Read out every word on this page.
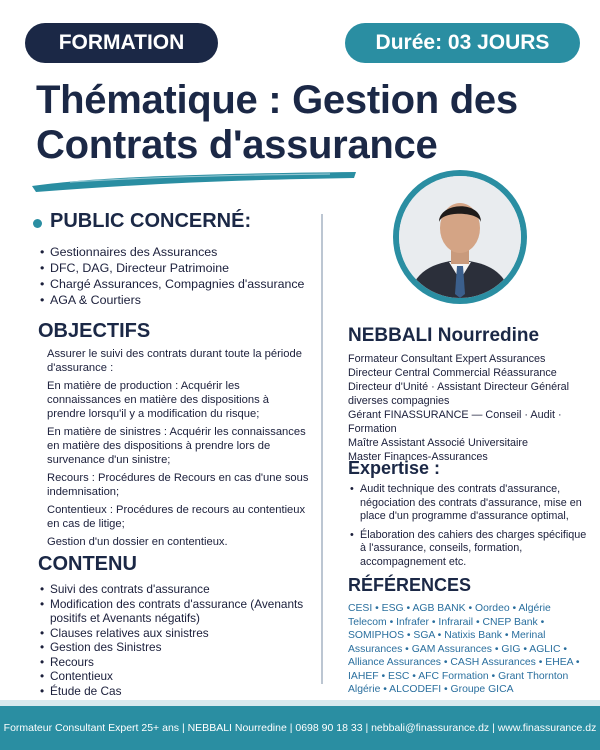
FORMATION	Durée: 03 JOURS
Thématique : Gestion des Contrats d'assurance
PUBLIC CONCERNÉ:
• Gestionnaires des Assurances
• DFC, DAG, Directeur Patrimoine
• Chargé Assurances, Compagnies d'assurance
• AGA & Courtiers
OBJECTIFS

Assurer le suivi des contrats durant toute la période d'assurance :

En matière de production : Acquérir les connaissances en matière des dispositions à prendre lorsqu'il y a modification du risque;

En matière de sinistres : Acquérir les connaissances en matière des dispositions à prendre lors de survenance d'un sinistre;

Recours : Procédures de Recours en cas d'une sous indemnisation;

Contentieux : Procédures de recours au contentieux en cas de litige;

Gestion d'un dossier en contentieux.

CONTENU
• Suivi des contrats d'assurance
• Modification des contrats d'assurance (Avenants positifs et Avenants négatifs)
• Clauses relatives aux sinistres
• Gestion des Sinistres
• Recours
• Contentieux
• Étude de Cas
NEBBALI Nourredine

Formateur Consultant Expert Assurances

Directeur Central Commercial Réassurance

Directeur d'Unité · Assistant Directeur Général diverses compagnies

Gérant FINASSURANCE — Conseil · Audit · Formation

Maître Assistant Associé Universitaire

Master Finances-Assurances

Expertise :
• Audit technique des contrats d'assurance, négociation des contrats d'assurance, mise en place d'un programme d'assurance optimal,
• Élaboration des cahiers des charges spécifique à l'assurance, conseils, formation, accompagnement etc.
RÉFÉRENCES

CESI • ESG • AGB BANK • Oordeo • Algérie Telecom • Infrafer • Infrarail • CNEP Bank • SOMIPHOS • SGA • Natixis Bank • Merinal Assurances • GAM Assurances • GIG • AGLIC • Alliance Assurances • CASH Assurances • EHEA • IAHEF • ESC • AFC Formation • Grant Thornton Algérie • ALCODEFI • Groupe GICA

Formateur Consultant Expert 25+ ans | NEBBALI Nourredine | 0698 90 18 33 | nebbali@finassurance.dz | www.finassurance.dz
